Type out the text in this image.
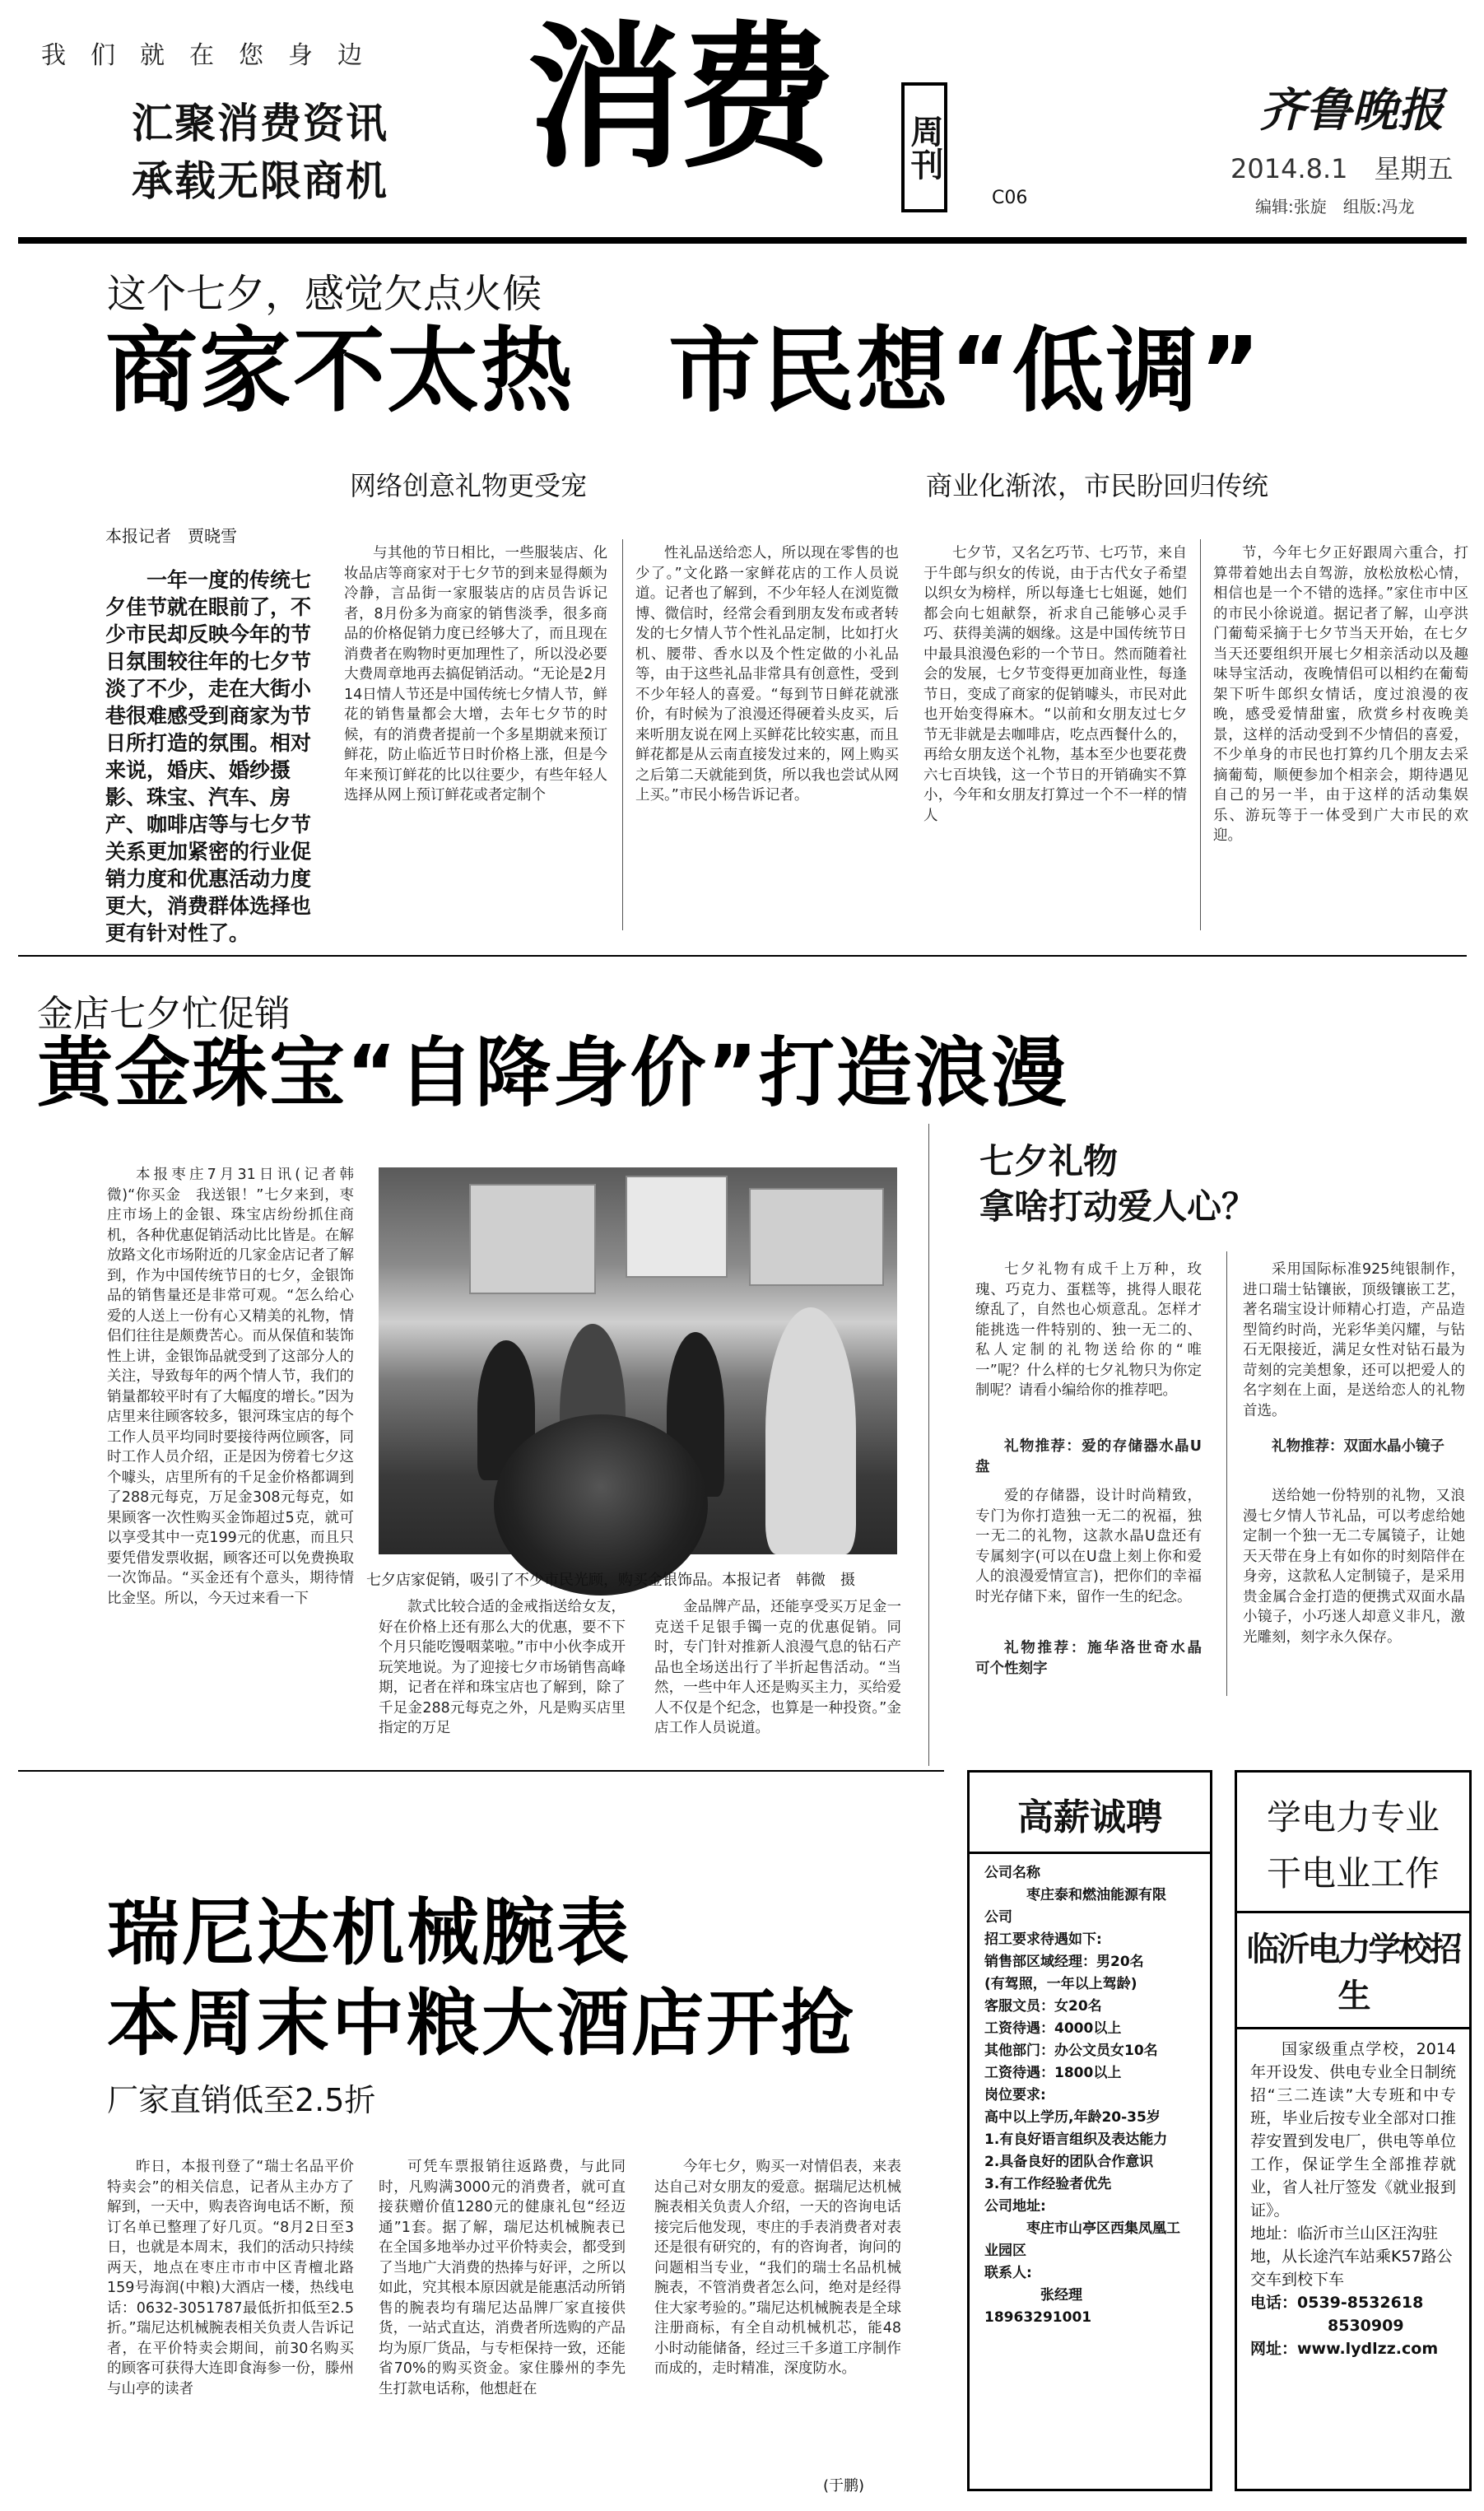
我们就在您身边
汇聚消费资讯
承载无限商机 消费 周刊
C06
齐鲁晚报
2014.8.1　星期五
编辑:张旋　组版:冯龙
这个七夕，感觉欠点火候
商家不太热　市民想“低调”
网络创意礼物更受宠	商业化渐浓，市民盼回归传统
本报记者　贾晓雪
一年一度的传统七夕佳节就在眼前了，不少市民却反映今年的节日氛围较往年的七夕节淡了不少，走在大街小巷很难感受到商家为节日所打造的氛围。相对来说，婚庆、婚纱摄影、珠宝、汽车、房产、咖啡店等与七夕节关系更加紧密的行业促销力度和优惠活动力度更大，消费群体选择也更有针对性了。

与其他的节日相比，一些服装店、化妆品店等商家对于七夕节的到来显得颇为冷静，言品街一家服装店的店员告诉记者，8月份多为商家的销售淡季，很多商品的价格促销力度已经够大了，而且现在消费者在购物时更加理性了，所以没必要大费周章地再去搞促销活动。“无论是2月14日情人节还是中国传统七夕情人节，鲜花的销售量都会大增，去年七夕节的时候，有的消费者提前一个多星期就来预订鲜花，防止临近节日时价格上涨，但是今年来预订鲜花的比以往要少，有些年轻人选择从网上预订鲜花或者定制个

性礼品送给恋人，所以现在零售的也少了。”文化路一家鲜花店的工作人员说道。记者也了解到，不少年轻人在浏览微博、微信时，经常会看到朋友发布或者转发的七夕情人节个性礼品定制，比如打火机、腰带、香水以及个性定做的小礼品等，由于这些礼品非常具有创意性，受到不少年轻人的喜爱。“每到节日鲜花就涨价，有时候为了浪漫还得硬着头皮买，后来听朋友说在网上买鲜花比较实惠，而且鲜花都是从云南直接发过来的，网上购买之后第二天就能到货，所以我也尝试从网上买。”市民小杨告诉记者。

七夕节，又名乞巧节、七巧节，来自于牛郎与织女的传说，由于古代女子希望以织女为榜样，所以每逢七七姐诞，她们都会向七姐献祭，祈求自己能够心灵手巧、获得美满的姻缘。这是中国传统节日中最具浪漫色彩的一个节日。然而随着社会的发展，七夕节变得更加商业性，每逢节日，变成了商家的促销噱头，市民对此也开始变得麻木。“以前和女朋友过七夕节无非就是去咖啡店，吃点西餐什么的，再给女朋友送个礼物，基本至少也要花费六七百块钱，这一个节日的开销确实不算小，今年和女朋友打算过一个不一样的情人

节，今年七夕正好跟周六重合，打算带着她出去自驾游，放松放松心情，相信也是一个不错的选择。”家住市中区的市民小徐说道。据记者了解，山亭洪门葡萄采摘于七夕节当天开始，在七夕当天还要组织开展七夕相亲活动以及趣味导宝活动，夜晚情侣可以相约在葡萄架下听牛郎织女情话，度过浪漫的夜晚，感受爱情甜蜜，欣赏乡村夜晚美景，这样的活动受到不少情侣的喜爱，不少单身的市民也打算约几个朋友去采摘葡萄，顺便参加个相亲会，期待遇见自己的另一半，由于这样的活动集娱乐、游玩等于一体受到广大市民的欢迎。

金店七夕忙促销
黄金珠宝“自降身价”打造浪漫

本报枣庄7月31日讯(记者韩微)“你买金　我送银！”七夕来到，枣庄市场上的金银、珠宝店纷纷抓住商机，各种优惠促销活动比比皆是。在解放路文化市场附近的几家金店记者了解到，作为中国传统节日的七夕，金银饰品的销售量还是非常可观。“怎么给心爱的人送上一份有心又精美的礼物，情侣们往往是颇费苦心。而从保值和装饰性上讲，金银饰品就受到了这部分人的关注，导致每年的两个情人节，我们的销量都较平时有了大幅度的增长。”因为店里来往顾客较多，银河珠宝店的每个工作人员平均同时要接待两位顾客，同时工作人员介绍，正是因为傍着七夕这个噱头，店里所有的千足金价格都调到了288元每克，万足金308元每克，如果顾客一次性购买金饰超过5克，就可以享受其中一克199元的优惠，而且只要凭借发票收据，顾客还可以免费换取一次饰品。“买金还有个意头，期待情比金坚。所以，今天过来看一下

七夕店家促销，吸引了不少市民光顾，购买金银饰品。本报记者　韩微　摄

款式比较合适的金戒指送给女友，好在价格上还有那么大的优惠，要不下个月只能吃馒咽菜啦。”市中小伙李成开玩笑地说。为了迎接七夕市场销售高峰期，记者在祥和珠宝店也了解到，除了千足金288元每克之外，凡是购买店里指定的万足

金品牌产品，还能享受买万足金一克送千足银手镯一克的优惠促销。同时，专门针对推新人浪漫气息的钻石产品也全场送出行了半折起售活动。“当然，一些中年人还是购买主力，买给爱人不仅是个纪念，也算是一种投资。”金店工作人员说道。

七夕礼物
拿啥打动爱人心？

七夕礼物有成千上万种，玫瑰、巧克力、蛋糕等，挑得人眼花缭乱了，自然也心烦意乱。怎样才能挑选一件特别的、独一无二的、私人定制的礼物送给你的“唯一”呢？什么样的七夕礼物只为你定制呢？请看小编给你的推荐吧。

礼物推荐：爱的存储器水晶U盘

爱的存储器，设计时尚精致，专门为你打造独一无二的祝福，独一无二的礼物，这款水晶U盘还有专属刻字(可以在U盘上刻上你和爱人的浪漫爱情宣言)，把你们的幸福时光存储下来，留作一生的纪念。

礼物推荐：施华洛世奇水晶　可个性刻字

采用国际标准925纯银制作，进口瑞士钻镶嵌，顶级镶嵌工艺，著名瑞宝设计师精心打造，产品造型简约时尚，光彩华美闪耀，与钻石无限接近，满足女性对钻石最为苛刻的完美想象，还可以把爱人的名字刻在上面，是送给恋人的礼物首选。

礼物推荐：双面水晶小镜子

送给她一份特别的礼物，又浪漫七夕情人节礼品，可以考虑给她定制一个独一无二专属镜子，让她天天带在身上有如你的时刻陪伴在身旁，这款私人定制镜子，是采用贵金属合金打造的便携式双面水晶小镜子，小巧迷人却意义非凡，激光雕刻，刻字永久保存。

瑞尼达机械腕表
本周末中粮大酒店开抢
厂家直销低至2.5折

昨日，本报刊登了“瑞士名品平价特卖会”的相关信息，记者从主办方了解到，一天中，购表咨询电话不断，预订名单已整理了好几页。“8月2日至3日，也就是本周末，我们的活动只持续两天，地点在枣庄市市中区青檀北路159号海润(中粮)大酒店一楼，热线电话：0632-3051787最低折扣低至2.5折。”瑞尼达机械腕表相关负责人告诉记者，在平价特卖会期间，前30名购买的顾客可获得大连即食海参一份，滕州与山亭的读者

可凭车票报销往返路费，与此同时，凡购满3000元的消费者，就可直接获赠价值1280元的健康礼包“经迈通”1套。据了解，瑞尼达机械腕表已在全国多地举办过平价特卖会，都受到了当地广大消费的热捧与好评，之所以如此，究其根本原因就是能惠活动所销售的腕表均有瑞尼达品牌厂家直接供货，一站式直达，消费者所选购的产品均为原厂货品，与专柜保持一致，还能省70%的购买资金。家住滕州的李先生打款电话称，他想赶在

今年七夕，购买一对情侣表，来表达自己对女朋友的爱意。据瑞尼达机械腕表相关负责人介绍，一天的咨询电话接完后他发现，枣庄的手表消费者对表还是很有研究的，有的咨询者，询问的问题相当专业，“我们的瑞士名品机械腕表，不管消费者怎么问，绝对是经得住大家考验的。”瑞尼达机械腕表是全球注册商标，有全自动机械机芯，能48小时动能储备，经过三千多道工序制作而成的，走时精准，深度防水。

(于鹏)
高薪诚聘
公司名称
　　　枣庄泰和燃油能源有限
公司
招工要求待遇如下:
销售部区域经理：男20名
(有驾照，一年以上驾龄)
客服文员：女20名
工资待遇：4000以上
其他部门：办公文员女10名
工资待遇：1800以上
岗位要求:
高中以上学历,年龄20-35岁
1.有良好语言组织及表达能力
2.具备良好的团队合作意识
3.有工作经验者优先
公司地址:
　　　枣庄市山亭区西集凤凰工
业园区
联系人:
　　　　张经理　18963291001
学电力专业
干电业工作
临沂电力学校招生
国家级重点学校，2014年开设发、供电专业全日制统招“三二连读”大专班和中专班，毕业后按专业全部对口推荐安置到发电厂，供电等单位工作，保证学生全部推荐就业，省人社厅签发《就业报到证》。
地址：临沂市兰山区汪沟驻地，从长途汽车站乘K57路公交车到校下车
电话：0539-8532618
8530909
网址：www.lydlzz.com
